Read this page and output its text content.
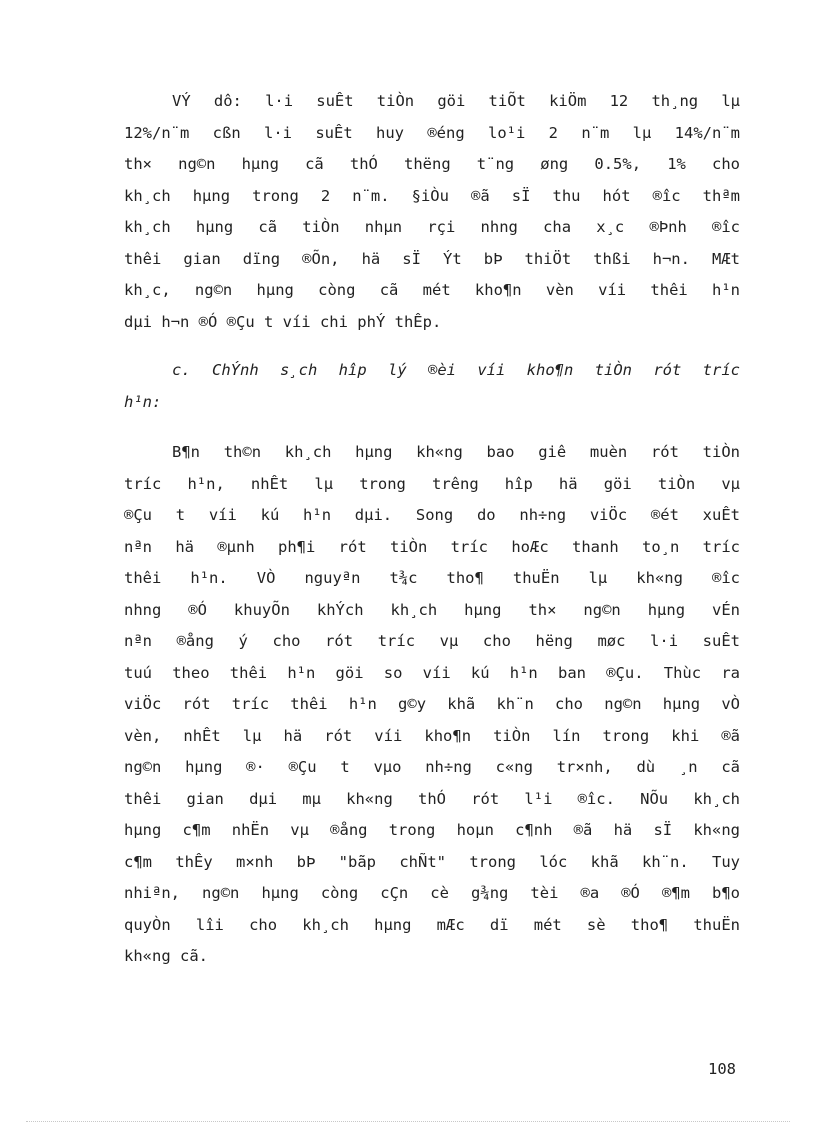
VÝ dô: l·i suÊt tiÒn göi tiÕt kiÖm 12 th¸ng lµ
12%/n¨m cßn l·i suÊt huy ®éng lo¹i 2 n¨m lµ 14%/n¨m
th× ng©n hµng cã thÓ thëng t¨ng øng 0.5%, 1% cho
kh¸ch hµng trong 2 n¨m. §iÒu ®ã sÏ thu hót ®îc thªm
kh¸ch hµng cã tiÒn nhµn rçi nhng cha x¸c ®Þnh ®îc
thêi gian dïng ®Õn, hä sÏ Ýt bÞ thiÖt thßi h¬n. MÆt
kh¸c, ng©n hµng còng cã mét kho¶n vèn víi thêi h¹n
dµi h¬n ®Ó ®Çu t víi chi phÝ thÊp.
c. ChÝnh s¸ch hîp lý ®èi víi kho¶n tiÒn rót tríc
h¹n:
B¶n th©n kh¸ch hµng kh«ng bao giê muèn rót tiÒn
tríc h¹n, nhÊt lµ trong trêng hîp hä göi tiÒn vµ
®Çu t víi kú h¹n dµi. Song do nh÷ng viÖc ®ét xuÊt
nªn hä ®µnh ph¶i rót tiÒn tríc hoÆc thanh to¸n tríc
thêi h¹n. VÒ nguyªn t¾c tho¶ thuËn lµ kh«ng ®îc
nhng ®Ó khuyÕn khÝch kh¸ch hµng th× ng©n hµng vÉn
nªn ®ång ý cho rót tríc vµ cho hëng møc l·i suÊt
tuú theo thêi h¹n göi so víi kú h¹n ban ®Çu. Thùc ra
viÖc rót tríc thêi h¹n g©y khã kh¨n cho ng©n hµng vÒ
vèn, nhÊt lµ hä rót víi kho¶n tiÒn lín trong khi ®ã
ng©n hµng ®· ®Çu t vµo nh÷ng c«ng tr×nh, dù ¸n cã
thêi gian dµi mµ kh«ng thÓ rót l¹i ®îc. NÕu kh¸ch
hµng c¶m nhËn vµ ®ång trong hoµn c¶nh ®ã hä sÏ kh«ng
c¶m thÊy m×nh bÞ "bãp chÑt" trong lóc khã kh¨n. Tuy
nhiªn, ng©n hµng còng cÇn cè g¾ng tèi ®a ®Ó ®¶m b¶o
quyÒn lîi cho kh¸ch hµng mÆc dï mét sè tho¶ thuËn
kh«ng cã.

108
